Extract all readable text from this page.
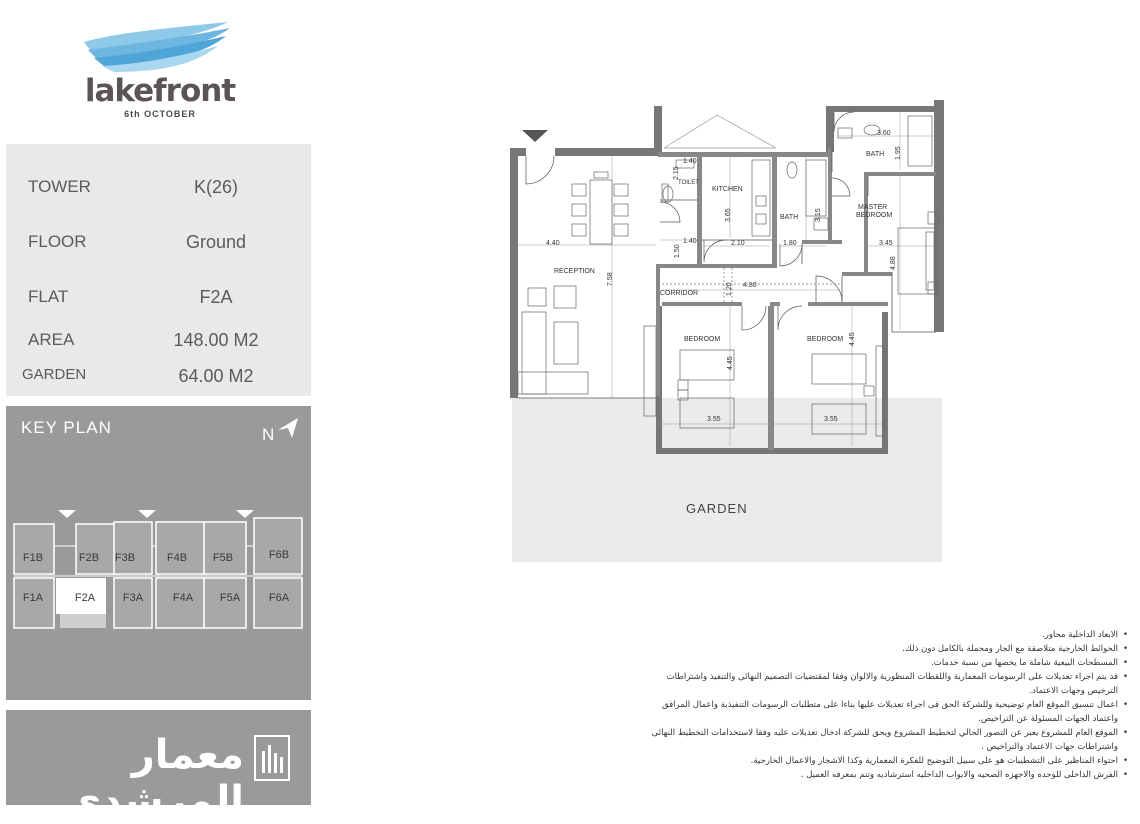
lakefront
6th OCTOBER
TOWER	K(26)
FLOOR	Ground
FLAT	F2A
AREA	148.00 M2
GARDEN	64.00 M2
KEY PLAN	N
F1B	F2B	F3B	F4B	F5B	F6B
F1A	F2A	F3A	F4A	F5A	F6A
معمار المرشدى
RECEPTION
KITCHEN
TOILET
BATH
BATH
MASTER
BEDROOM
CORRIDOR
BEDROOM	BEDROOM
GARDEN
4.40
7.58
2.15
1.40
3.65
2.10
1.40
1.50
1.80
3.15
3.60
1.95
3.45
4.88
4.80
1.20
4.45
3.55
4.45
3.55
• الابعاد الداخلية محاور.
• الحوائط الخارجية متلاصقة مع الجار ومحملة بالكامل دون ذلك.
• المسطحات البيعية شاملة ما يخصها من نسبة خدمات.
• قد يتم اجراء تعديلات على الرسومات المعمارية واللقطات المنظورية والالوان وفقا لمقتضيات التصميم النهائى والتنفيذ واشتراطات الترخيص وجهات الاعتماد.
• اعمال تنسيق الموقع العام توضيحية وللشركة الحق فى اجراء تعديلات عليها بناءا على متطلبات الرسومات التنفيذية واعمال المرافق واعتماد الجهات المسئولة عن التراخيص.
• الموقع العام للمشروع يعبر عن التصور الحالي لتخطيط المشروع ويحق للشركة ادخال تعديلات عليه وفقا لاستخدامات التخطيط النهائى واشتراطات جهات الاعتماد والتراخيص .
• احتواء المناظير على التشطيبات هو على سبيل التوضيح للفكرة المعمارية وكذا الاشجار والاعمال الخارجية.
• الفرش الداخلى للوحده والاجهزه الصحيه والابواب الداخليه استرشاديه وتتم بمعرفه العميل .
